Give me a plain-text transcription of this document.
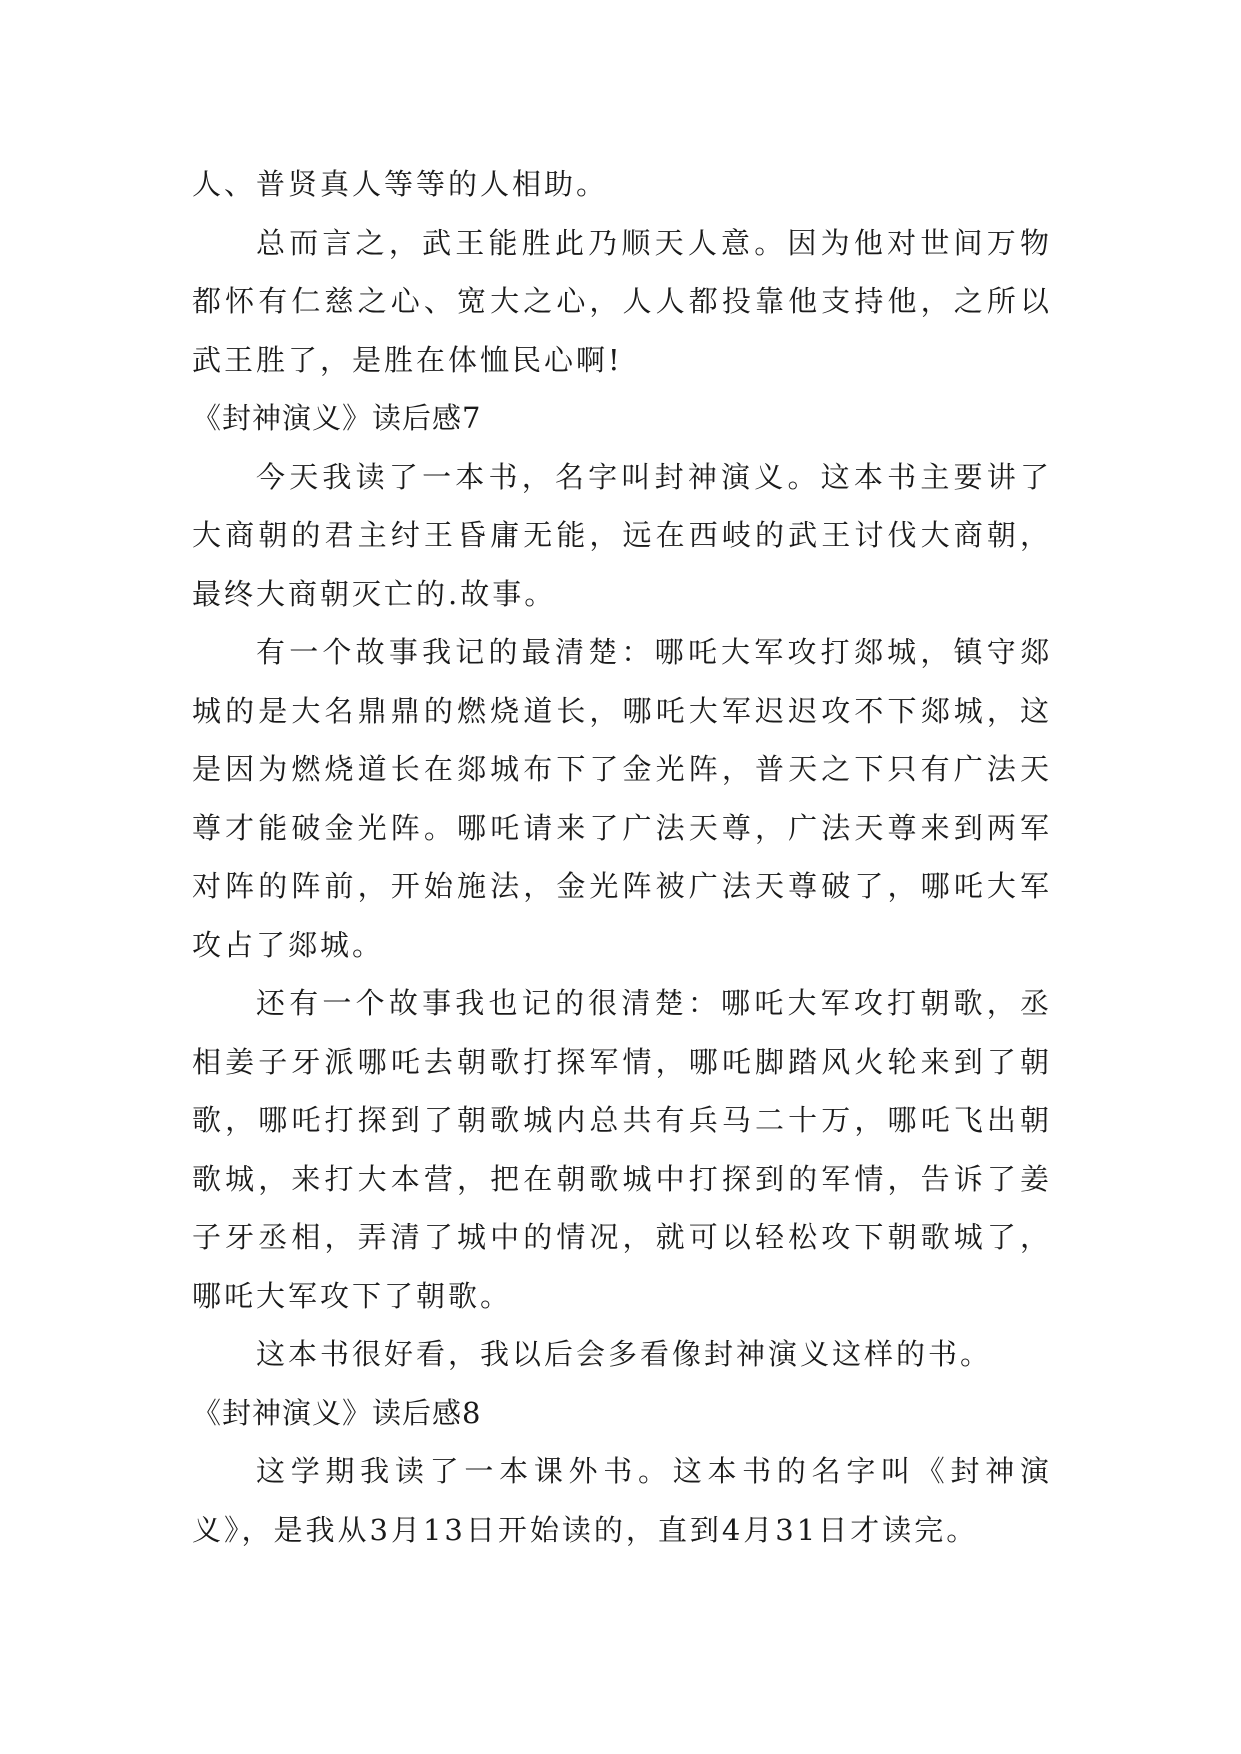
人、普贤真人等等的人相助。

总而言之，武王能胜此乃顺天人意。因为他对世间万物都怀有仁慈之心、宽大之心，人人都投靠他支持他，之所以武王胜了，是胜在体恤民心啊!

《封神演义》读后感7

今天我读了一本书，名字叫封神演义。这本书主要讲了大商朝的君主纣王昏庸无能，远在西岐的武王讨伐大商朝，最终大商朝灭亡的.故事。

有一个故事我记的最清楚：哪吒大军攻打郯城，镇守郯城的是大名鼎鼎的燃烧道长，哪吒大军迟迟攻不下郯城，这是因为燃烧道长在郯城布下了金光阵，普天之下只有广法天尊才能破金光阵。哪吒请来了广法天尊，广法天尊来到两军对阵的阵前，开始施法，金光阵被广法天尊破了，哪吒大军攻占了郯城。

还有一个故事我也记的很清楚：哪吒大军攻打朝歌，丞相姜子牙派哪吒去朝歌打探军情，哪吒脚踏风火轮来到了朝歌，哪吒打探到了朝歌城内总共有兵马二十万，哪吒飞出朝歌城，来打大本营，把在朝歌城中打探到的军情，告诉了姜子牙丞相，弄清了城中的情况，就可以轻松攻下朝歌城了，哪吒大军攻下了朝歌。

这本书很好看，我以后会多看像封神演义这样的书。

《封神演义》读后感8

这学期我读了一本课外书。这本书的名字叫《封神演义》，是我从3月13日开始读的，直到4月31日才读完。
